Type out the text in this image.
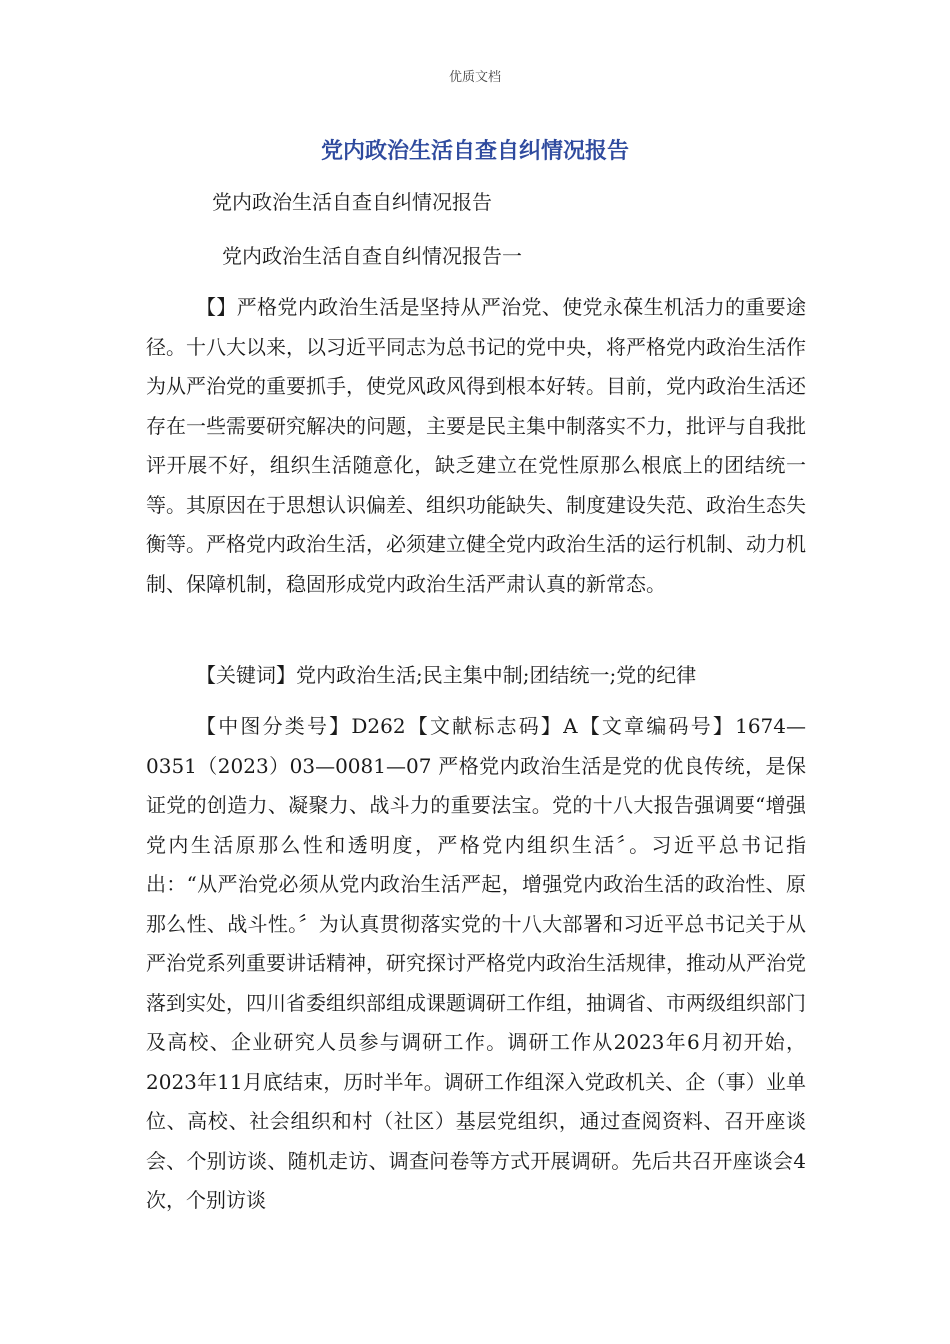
优质文档
党内政治生活自查自纠情况报告
党内政治生活自查自纠情况报告
党内政治生活自查自纠情况报告一

【】严格党内政治生活是坚持从严治党、使党永葆生机活力的重要途径。十八大以来，以习近平同志为总书记的党中央，将严格党内政治生活作为从严治党的重要抓手，使党风政风得到根本好转。目前，党内政治生活还存在一些需要研究解决的问题，主要是民主集中制落实不力，批评与自我批评开展不好，组织生活随意化，缺乏建立在党性原那么根底上的团结统一等。其原因在于思想认识偏差、组织功能缺失、制度建设失范、政治生态失衡等。严格党内政治生活，必须建立健全党内政治生活的运行机制、动力机制、保障机制，稳固形成党内政治生活严肃认真的新常态。

【关键词】党内政治生活;民主集中制;团结统一;党的纪律

【中图分类号】D262【文献标志码】A【文章编码号】1674—0351（2023）03—0081—07 严格党内政治生活是党的优良传统，是保证党的创造力、凝聚力、战斗力的重要法宝。党的十八大报告强调要“增强党内生活原那么性和透明度，严格党内组织生活〞。习近平总书记指出：“从严治党必须从党内政治生活严起，增强党内政治生活的政治性、原那么性、战斗性。〞为认真贯彻落实党的十八大部署和习近平总书记关于从严治党系列重要讲话精神，研究探讨严格党内政治生活规律，推动从严治党落到实处，四川省委组织部组成课题调研工作组，抽调省、市两级组织部门及高校、企业研究人员参与调研工作。调研工作从2023年6月初开始，2023年11月底结束，历时半年。调研工作组深入党政机关、企（事）业单位、高校、社会组织和村（社区）基层党组织，通过查阅资料、召开座谈会、个别访谈、随机走访、调查问卷等方式开展调研。先后共召开座谈会4次，个别访谈
